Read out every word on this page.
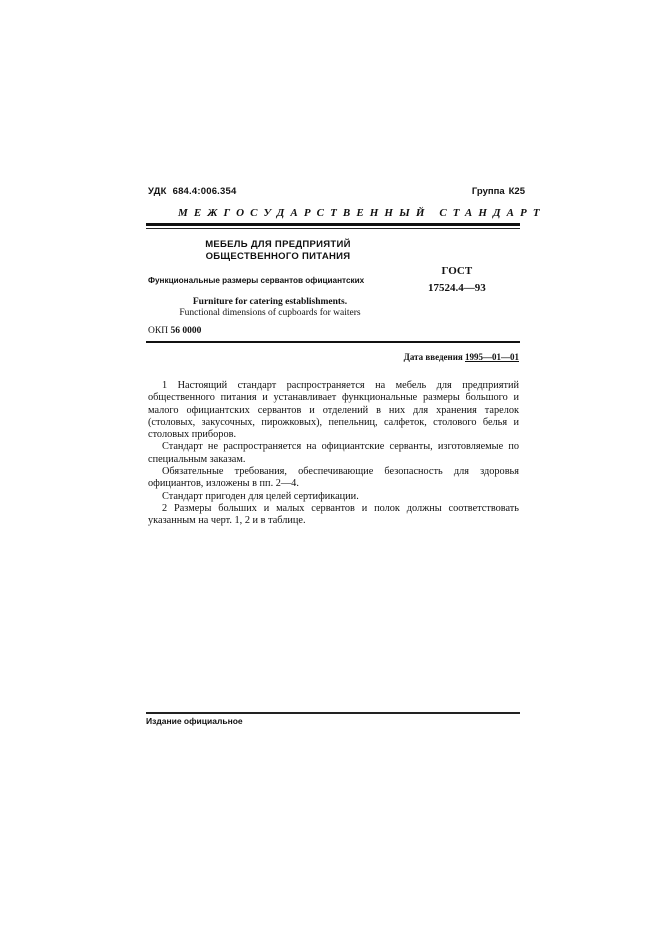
УДК 684.4:006.354	Группа К25
МЕЖГОСУДАРСТВЕННЫЙ СТАНДАРТ
МЕБЕЛЬ ДЛЯ ПРЕДПРИЯТИЙ
ОБЩЕСТВЕННОГО ПИТАНИЯ
Функциональные размеры сервантов официантских
ГОСТ
17524.4—93
Furniture for catering establishments.
Functional dimensions of cupboards for waiters
ОКП 56 0000
Дата введения 1995—01—01

1 Настоящий стандарт распространяется на мебель для предприятий общественного питания и устанавливает функциональные размеры большого и малого официантских сервантов и отделений в них для хранения тарелок (столовых, закусочных, пирожковых), пепельниц, салфеток, столового белья и столовых приборов.

Стандарт не распространяется на официантские серванты, изготовляемые по специальным заказам.

Обязательные требования, обеспечивающие безопасность для здоровья официантов, изложены в пп. 2—4.

Стандарт пригоден для целей сертификации.

2 Размеры больших и малых сервантов и полок должны соответствовать указанным на черт. 1, 2 и в таблице.

Издание официальное
